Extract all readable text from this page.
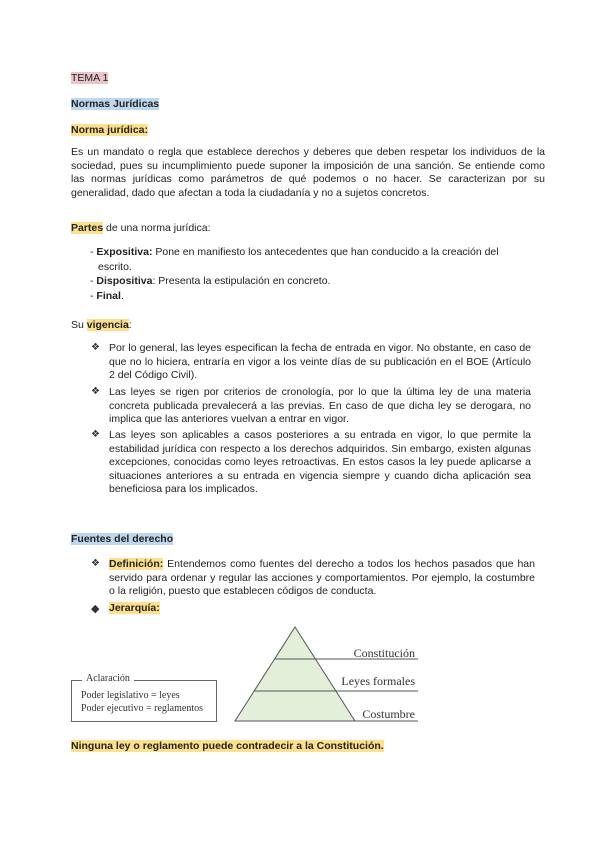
TEMA 1
Normas Jurídicas
Norma jurídica:

Es un mandato o regla que establece derechos y deberes que deben respetar los individuos de la sociedad, pues su incumplimiento puede suponer la imposición de una sanción. Se entiende como las normas jurídicas como parámetros de qué podemos o no hacer. Se caracterizan por su generalidad, dado que afectan a toda la ciudadanía y no a sujetos concretos.

Partes de una norma jurídica:
- Expositiva: Pone en manifiesto los antecedentes que han conducido a la creación del escrito.
- Dispositiva: Presenta la estipulación en concreto.
- Final.
Su vigencia:
❖ Por lo general, las leyes especifican la fecha de entrada en vigor. No obstante, en caso de que no lo hiciera, entraría en vigor a los veinte días de su publicación en el BOE (Artículo 2 del Código Civil).

❖ Las leyes se rigen por criterios de cronología, por lo que la última ley de una materia concreta publicada prevalecerá a las previas. En caso de que dicha ley se derogara, no implica que las anteriores vuelvan a entrar en vigor.

❖ Las leyes son aplicables a casos posteriores a su entrada en vigor, lo que permite la estabilidad jurídica con respecto a los derechos adquiridos. Sin embargo, existen algunas excepciones, conocidas como leyes retroactivas. En estos casos la ley puede aplicarse a situaciones anteriores a su entrada en vigencia siempre y cuando dicha aplicación sea beneficiosa para los implicados.

Fuentes del derecho
❖ Definición: Entendemos como fuentes del derecho a todos los hechos pasados que han servido para ordenar y regular las acciones y comportamientos. Por ejemplo, la costumbre o la religión, puesto que establecen códigos de conducta.

◆ Jerarquía:
Aclaración
Poder legislativo = leyes
Poder ejecutivo = reglamentos
Constitución
Leyes formales
Costumbre
Ninguna ley o reglamento puede contradecir a la Constitución.
